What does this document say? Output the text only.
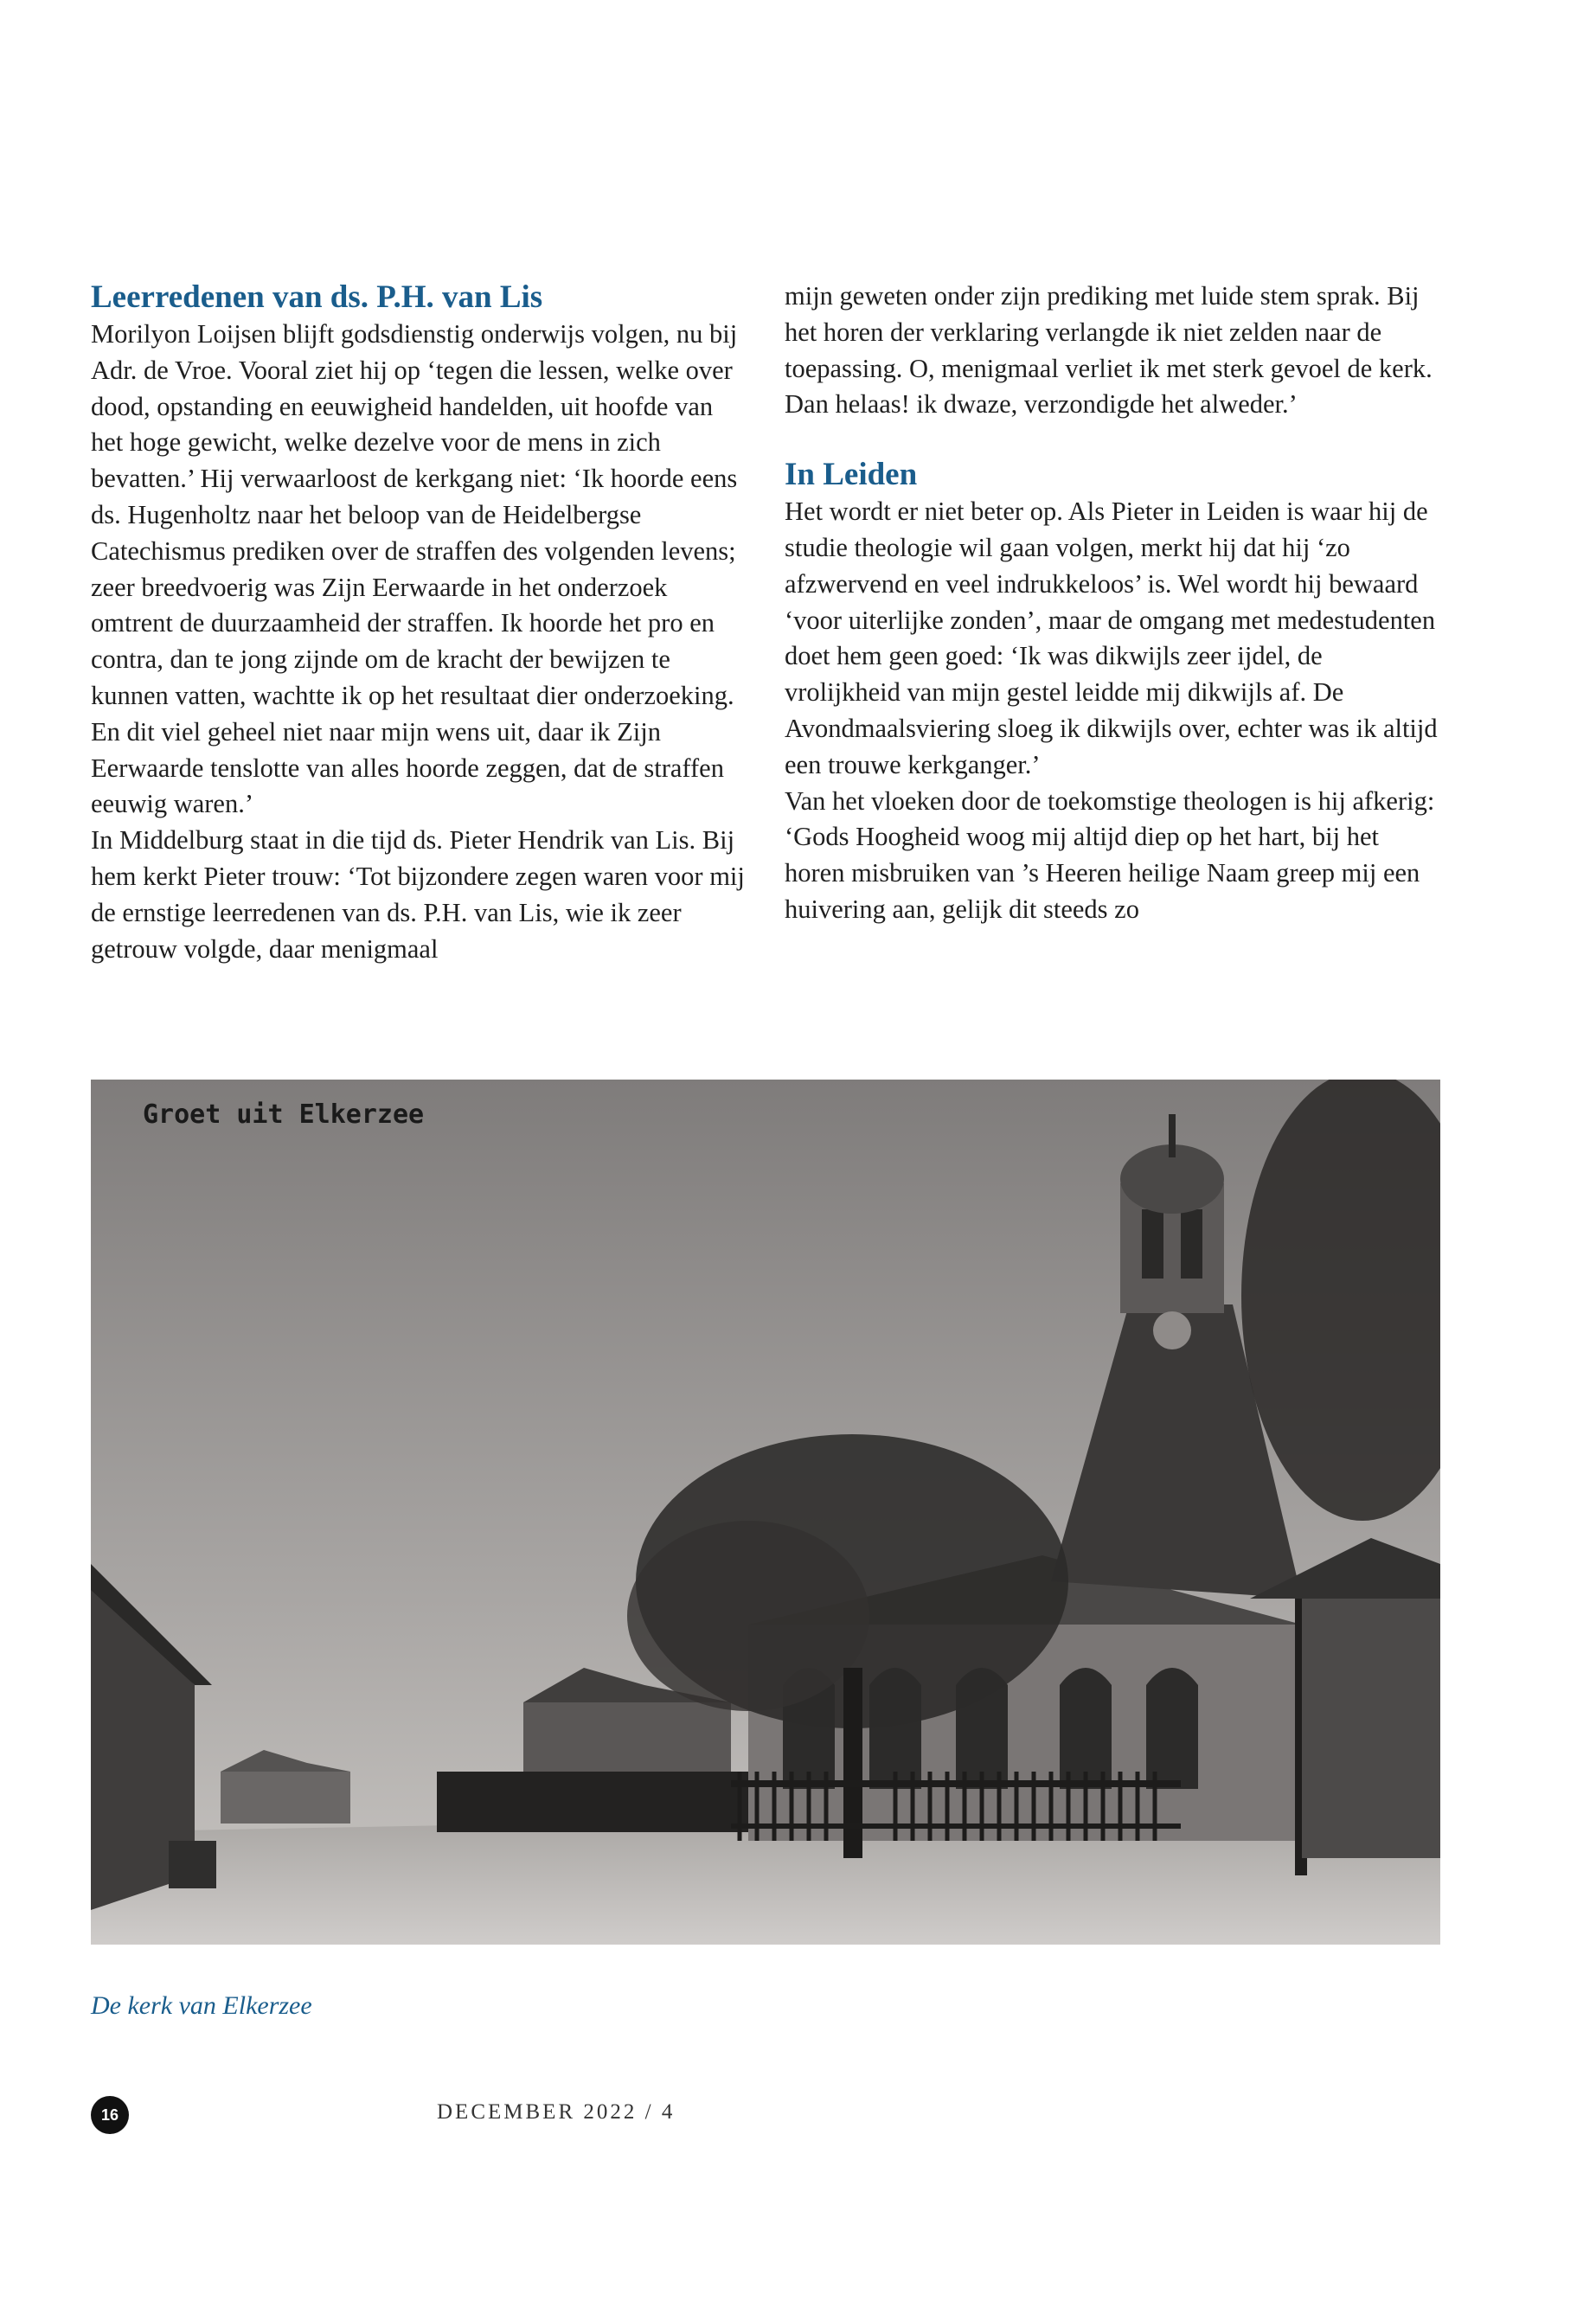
Leerredenen van ds. P.H. van Lis

Morilyon Loijsen blijft godsdienstig onderwijs volgen, nu bij Adr. de Vroe. Vooral ziet hij op ‘tegen die lessen, welke over dood, opstanding en eeuwigheid handelden, uit hoofde van het hoge gewicht, welke dezelve voor de mens in zich bevatten.’ Hij verwaarloost de kerkgang niet: ‘Ik hoorde eens ds. Hugenholtz naar het beloop van de Heidelbergse Catechismus prediken over de straffen des volgenden levens; zeer breedvoerig was Zijn Eerwaarde in het onderzoek omtrent de duurzaamheid der straffen. Ik hoorde het pro en contra, dan te jong zijnde om de kracht der bewijzen te kunnen vatten, wachtte ik op het resultaat dier onderzoeking. En dit viel geheel niet naar mijn wens uit, daar ik Zijn Eerwaarde tenslotte van alles hoorde zeggen, dat de straffen eeuwig waren.’

In Middelburg staat in die tijd ds. Pieter Hendrik van Lis. Bij hem kerkt Pieter trouw: ‘Tot bijzondere zegen waren voor mij de ernstige leerredenen van ds. P.H. van Lis, wie ik zeer getrouw volgde, daar menigmaal

mijn geweten onder zijn prediking met luide stem sprak. Bij het horen der verklaring verlangde ik niet zelden naar de toepassing. O, menigmaal verliet ik met sterk gevoel de kerk. Dan helaas! ik dwaze, verzondigde het alweder.’

In Leiden

Het wordt er niet beter op. Als Pieter in Leiden is waar hij de studie theologie wil gaan volgen, merkt hij dat hij ‘zo afzwervend en veel indrukkeloos’ is. Wel wordt hij bewaard ‘voor uiterlijke zonden’, maar de omgang met medestudenten doet hem geen goed: ‘Ik was dikwijls zeer ijdel, de vrolijkheid van mijn gestel leidde mij dikwijls af. De Avondmaalsviering sloeg ik dikwijls over, echter was ik altijd een trouwe kerkganger.’

Van het vloeken door de toekomstige theologen is hij afkerig: ‘Gods Hoogheid woog mij altijd diep op het hart, bij het horen misbruiken van ’s Heeren heilige Naam greep mij een huivering aan, gelijk dit steeds zo

Groet uit Elkerzee
De kerk van Elkerzee
16	DECEMBER 2022 / 4
